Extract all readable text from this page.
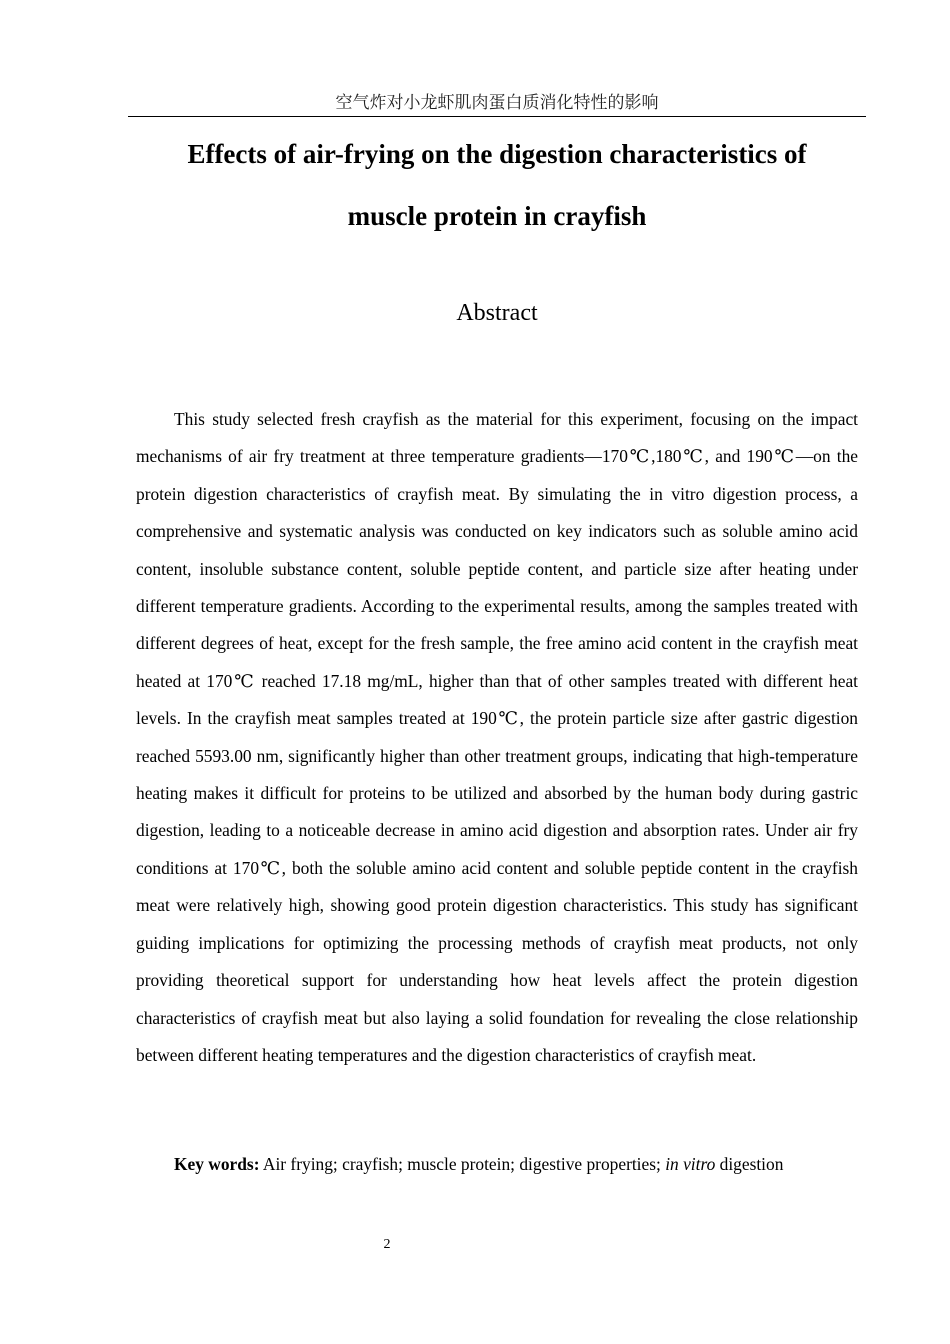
空气炸对小龙虾肌肉蛋白质消化特性的影响
Effects of air-frying on the digestion characteristics of
muscle protein in crayfish
Abstract

This study selected fresh crayfish as the material for this experiment, focusing on the impact mechanisms of air fry treatment at three temperature gradients—170℃,180℃, and 190℃—on the protein digestion characteristics of crayfish meat. By simulating the in vitro digestion process, a comprehensive and systematic analysis was conducted on key indicators such as soluble amino acid content, insoluble substance content, soluble peptide content, and particle size after heating under different temperature gradients. According to the experimental results, among the samples treated with different degrees of heat, except for the fresh sample, the free amino acid content in the crayfish meat heated at 170℃ reached 17.18 mg/mL, higher than that of other samples treated with different heat levels. In the crayfish meat samples treated at 190℃, the protein particle size after gastric digestion reached 5593.00 nm, significantly higher than other treatment groups, indicating that high-temperature heating makes it difficult for proteins to be utilized and absorbed by the human body during gastric digestion, leading to a noticeable decrease in amino acid digestion and absorption rates. Under air fry conditions at 170℃, both the soluble amino acid content and soluble peptide content in the crayfish meat were relatively high, showing good protein digestion characteristics. This study has significant guiding implications for optimizing the processing methods of crayfish meat products, not only providing theoretical support for understanding how heat levels affect the protein digestion characteristics of crayfish meat but also laying a solid foundation for revealing the close relationship between different heating temperatures and the digestion characteristics of crayfish meat.

Key words: Air frying; crayfish; muscle protein; digestive properties; in vitro digestion
2
